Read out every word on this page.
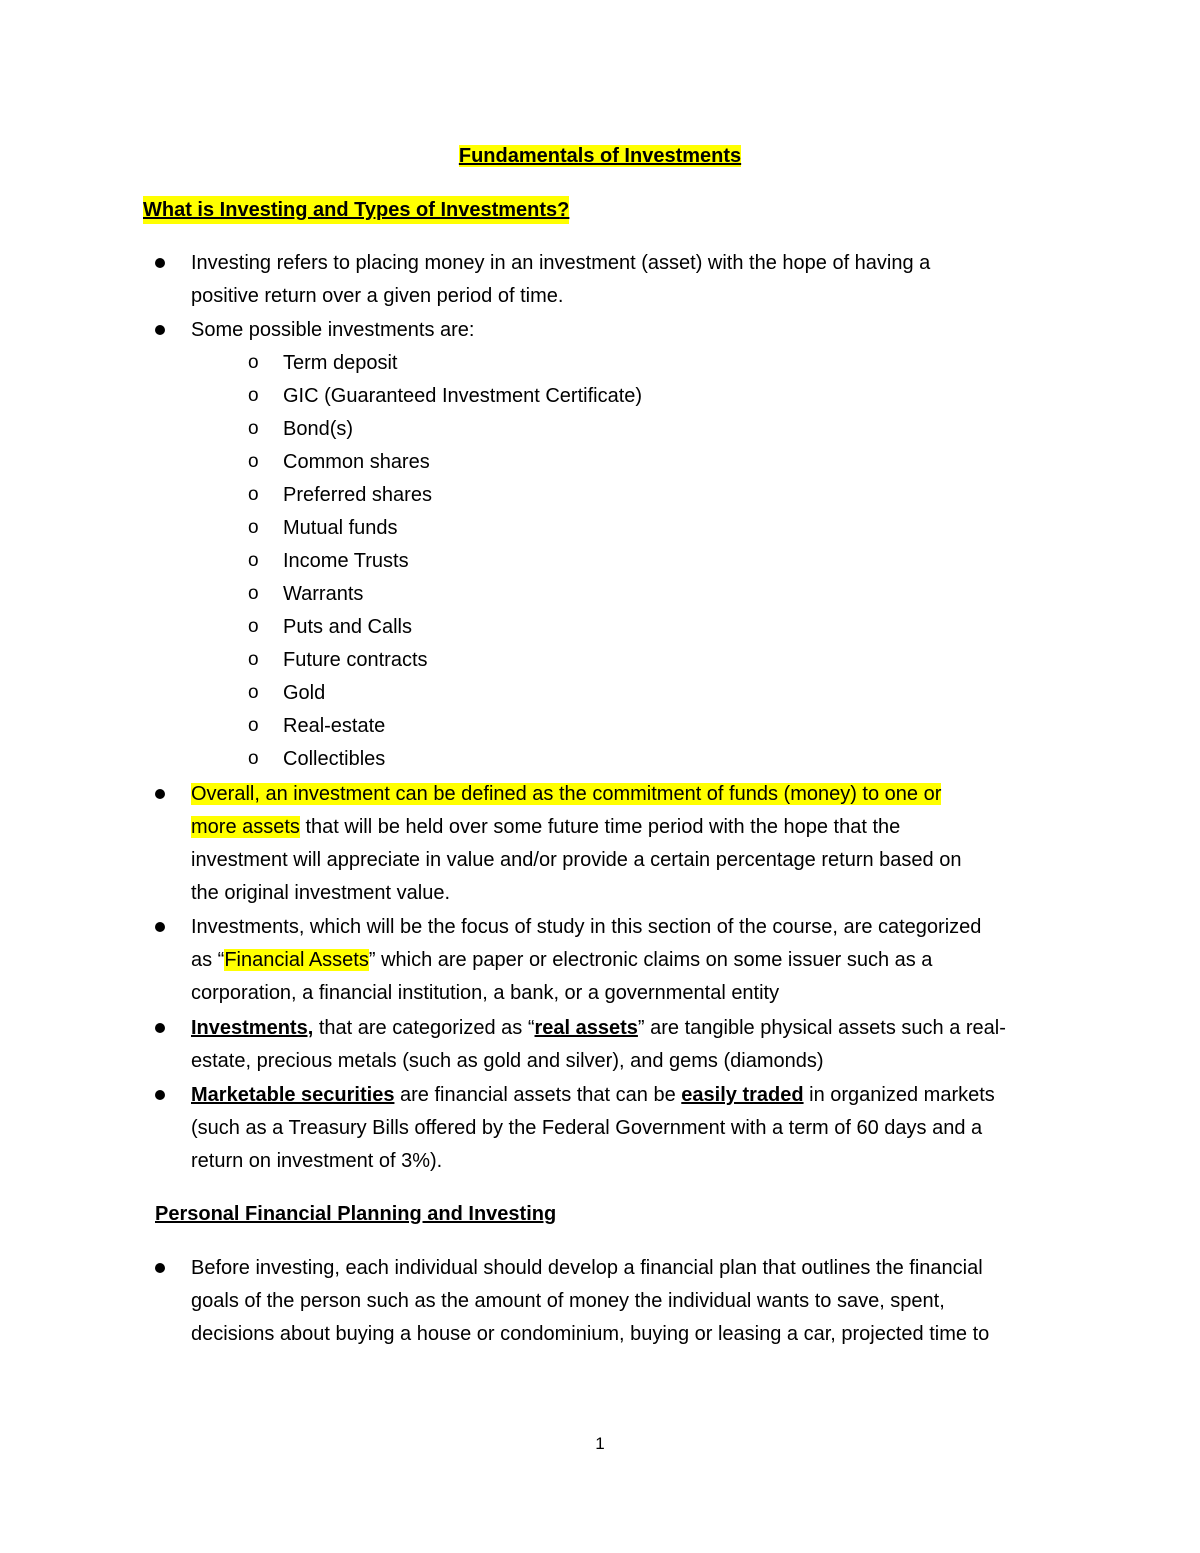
Fundamentals of Investments
What is Investing and Types of Investments?
Investing refers to placing money in an investment (asset) with the hope of having a
positive return over a given period of time.
Some possible investments are:
o Term deposit
o GIC (Guaranteed Investment Certificate)
o Bond(s)
o Common shares
o Preferred shares
o Mutual funds
o Income Trusts
o Warrants
o Puts and Calls
o Future contracts
o Gold
o Real-estate
o Collectibles
Overall, an investment can be defined as the commitment of funds (money) to one or
more assets that will be held over some future time period with the hope that the
investment will appreciate in value and/or provide a certain percentage return based on
the original investment value.
Investments, which will be the focus of study in this section of the course, are categorized
as “Financial Assets” which are paper or electronic claims on some issuer such as a
corporation, a financial institution, a bank, or a governmental entity
Investments, that are categorized as “real assets” are tangible physical assets such a real-
estate, precious metals (such as gold and silver), and gems (diamonds)
Marketable securities are financial assets that can be easily traded in organized markets
(such as a Treasury Bills offered by the Federal Government with a term of 60 days and a
return on investment of 3%).
Personal Financial Planning and Investing
Before investing, each individual should develop a financial plan that outlines the financial
goals of the person such as the amount of money the individual wants to save, spent,
decisions about buying a house or condominium, buying or leasing a car, projected time to
1
